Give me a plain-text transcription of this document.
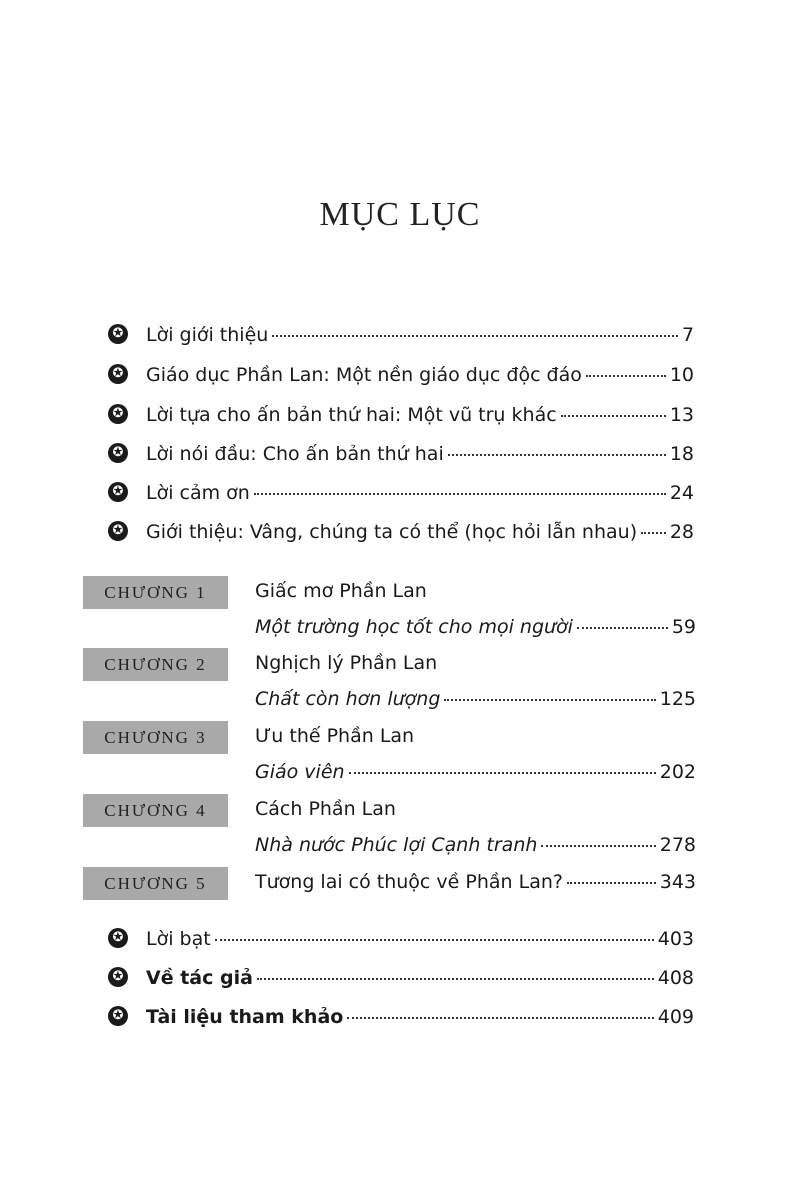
MỤC LỤC
✪ Lời giới thiệu	7
✪ Giáo dục Phần Lan: Một nền giáo dục độc đáo	10
✪ Lời tựa cho ấn bản thứ hai: Một vũ trụ khác	13
✪ Lời nói đầu: Cho ấn bản thứ hai	18
✪ Lời cảm ơn	24
✪ Giới thiệu: Vâng, chúng ta có thể (học hỏi lẫn nhau) 28
CHƯƠNG 1	Giấc mơ Phần Lan
Một trường học tốt cho mọi người	59
CHƯƠNG 2	Nghịch lý Phần Lan
Chất còn hơn lượng	125
CHƯƠNG 3	Ưu thế Phần Lan
Giáo viên	202
CHƯƠNG 4	Cách Phần Lan
Nhà nước Phúc lợi Cạnh tranh	278
CHƯƠNG 5	Tương lai có thuộc về Phần Lan?	343
✪ Lời bạt	403
✪ Về tác giả	408
✪ Tài liệu tham khảo	409
